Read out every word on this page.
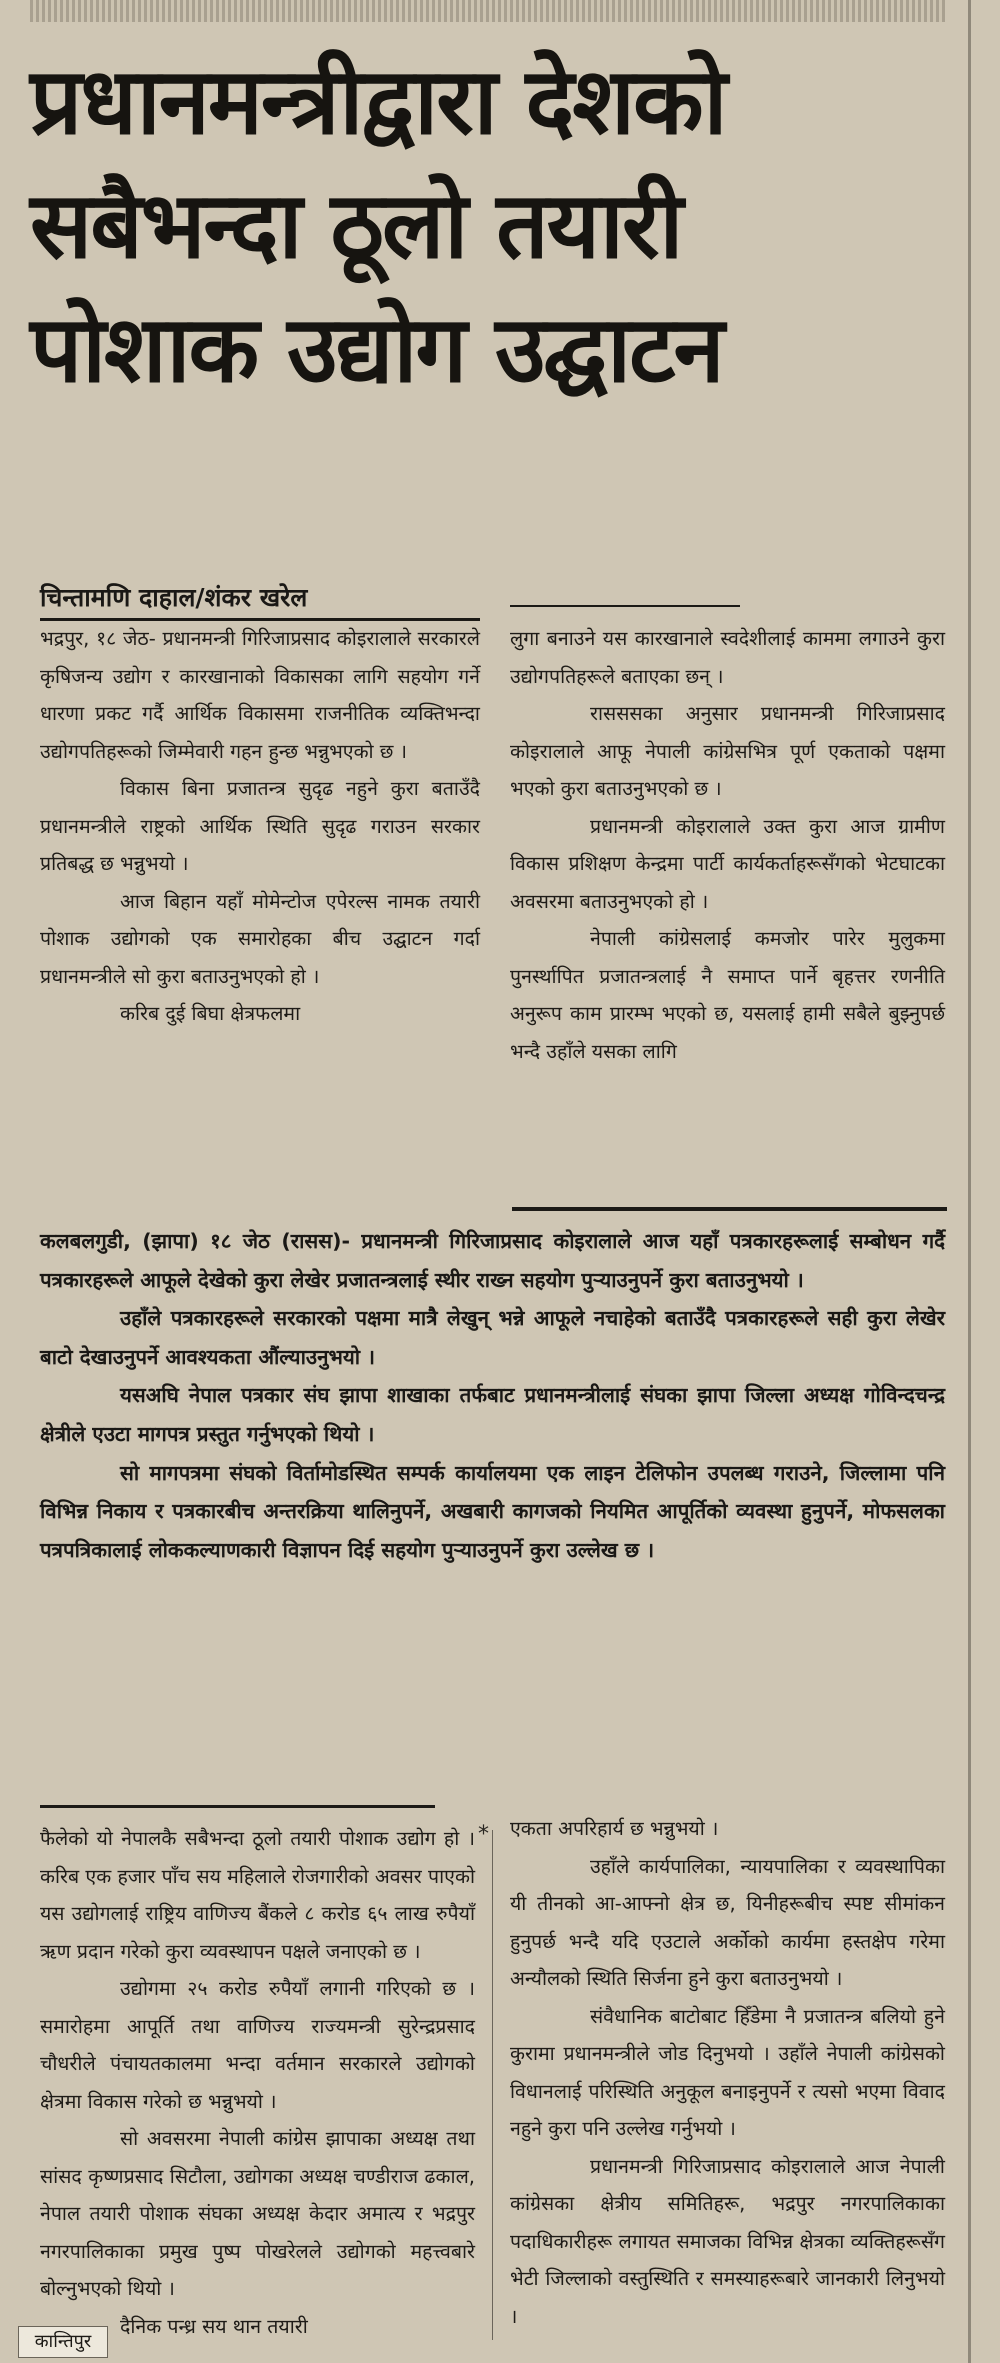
प्रधानमन्त्रीद्वारा देशको
सबैभन्दा ठूलो तयारी
पोशाक उद्योग उद्घाटन
चिन्तामणि दाहाल/शंकर खरेल

भद्रपुर, १८ जेठ- प्रधानमन्त्री गिरिजाप्रसाद कोइरालाले सरकारले कृषिजन्य उद्योग र कारखानाको विकासका लागि सहयोग गर्ने धारणा प्रकट गर्दै आर्थिक विकासमा राजनीतिक व्यक्तिभन्दा उद्योगपतिहरूको जिम्मेवारी गहन हुन्छ भन्नुभएको छ ।

विकास बिना प्रजातन्त्र सुदृढ नहुने कुरा बताउँदै प्रधानमन्त्रीले राष्ट्रको आर्थिक स्थिति सुदृढ गराउन सरकार प्रतिबद्ध छ भन्नुभयो ।

आज बिहान यहाँ मोमेन्टोज एपेरल्स नामक तयारी पोशाक उद्योगको एक समारोहका बीच उद्घाटन गर्दा प्रधानमन्त्रीले सो कुरा बताउनुभएको हो ।

करिब दुई बिघा क्षेत्रफलमा

लुगा बनाउने यस कारखानाले स्वदेशीलाई काममा लगाउने कुरा उद्योगपतिहरूले बताएका छन् ।

रासससका अनुसार प्रधानमन्त्री गिरिजाप्रसाद कोइरालाले आफू नेपाली कांग्रेसभित्र पूर्ण एकताको पक्षमा भएको कुरा बताउनुभएको छ ।

प्रधानमन्त्री कोइरालाले उक्त कुरा आज ग्रामीण विकास प्रशिक्षण केन्द्रमा पार्टी कार्यकर्ताहरूसँगको भेटघाटका अवसरमा बताउनुभएको हो ।

नेपाली कांग्रेसलाई कमजोर पारेर मुलुकमा पुनर्स्थापित प्रजातन्त्रलाई नै समाप्त पार्ने बृहत्तर रणनीति अनुरूप काम प्रारम्भ भएको छ, यसलाई हामी सबैले बुझ्नुपर्छ भन्दै उहाँले यसका लागि

कलबलगुडी, (झापा) १८ जेठ (रासस)- प्रधानमन्त्री गिरिजाप्रसाद कोइरालाले आज यहाँ पत्रकारहरूलाई सम्बोधन गर्दै पत्रकारहरूले आफूले देखेको कुरा लेखेर प्रजातन्त्रलाई स्थीर राख्न सहयोग पुऱ्याउनुपर्ने कुरा बताउनुभयो ।

उहाँले पत्रकारहरूले सरकारको पक्षमा मात्रै लेखुन् भन्ने आफूले नचाहेको बताउँदै पत्रकारहरूले सही कुरा लेखेर बाटो देखाउनुपर्ने आवश्यकता औंल्याउनुभयो ।

यसअघि नेपाल पत्रकार संघ झापा शाखाका तर्फबाट प्रधानमन्त्रीलाई संघका झापा जिल्ला अध्यक्ष गोविन्दचन्द्र क्षेत्रीले एउटा मागपत्र प्रस्तुत गर्नुभएको थियो ।

सो मागपत्रमा संघको विर्तामोडस्थित सम्पर्क कार्यालयमा एक लाइन टेलिफोन उपलब्ध गराउने, जिल्लामा पनि विभिन्न निकाय र पत्रकारबीच अन्तरक्रिया थालिनुपर्ने, अखबारी कागजको नियमित आपूर्तिको व्यवस्था हुनुपर्ने, मोफसलका पत्रपत्रिकालाई लोककल्याणकारी विज्ञापन दिई सहयोग पुऱ्याउनुपर्ने कुरा उल्लेख छ ।

⁎

फैलेको यो नेपालकै सबैभन्दा ठूलो तयारी पोशाक उद्योग हो । करिब एक हजार पाँच सय महिलाले रोजगारीको अवसर पाएको यस उद्योगलाई राष्ट्रिय वाणिज्य बैंकले ८ करोड ६५ लाख रुपैयाँ ऋण प्रदान गरेको कुरा व्यवस्थापन पक्षले जनाएको छ ।

उद्योगमा २५ करोड रुपैयाँ लगानी गरिएको छ । समारोहमा आपूर्ति तथा वाणिज्य राज्यमन्त्री सुरेन्द्रप्रसाद चौधरीले पंचायतकालमा भन्दा वर्तमान सरकारले उद्योगको क्षेत्रमा विकास गरेको छ भन्नुभयो ।

सो अवसरमा नेपाली कांग्रेस झापाका अध्यक्ष तथा सांसद कृष्णप्रसाद सिटौला, उद्योगका अध्यक्ष चण्डीराज ढकाल, नेपाल तयारी पोशाक संघका अध्यक्ष केदार अमात्य र भद्रपुर नगरपालिकाका प्रमुख पुष्प पोखरेलले उद्योगको महत्त्वबारे बोल्नुभएको थियो ।

दैनिक पन्ध्र सय थान तयारी

एकता अपरिहार्य छ भन्नुभयो ।

उहाँले कार्यपालिका, न्यायपालिका र व्यवस्थापिका यी तीनको आ-आफ्नो क्षेत्र छ, यिनीहरूबीच स्पष्ट सीमांकन हुनुपर्छ भन्दै यदि एउटाले अर्कोको कार्यमा हस्तक्षेप गरेमा अन्यौलको स्थिति सिर्जना हुने कुरा बताउनुभयो ।

संवैधानिक बाटोबाट हिँडेमा नै प्रजातन्त्र बलियो हुने कुरामा प्रधानमन्त्रीले जोड दिनुभयो । उहाँले नेपाली कांग्रेसको विधानलाई परिस्थिति अनुकूल बनाइनुपर्ने र त्यसो भएमा विवाद नहुने कुरा पनि उल्लेख गर्नुभयो ।

प्रधानमन्त्री गिरिजाप्रसाद कोइरालाले आज नेपाली कांग्रेसका क्षेत्रीय समितिहरू, भद्रपुर नगरपालिकाका पदाधिकारीहरू लगायत समाजका विभिन्न क्षेत्रका व्यक्तिहरूसँग भेटी जिल्लाको वस्तुस्थिति र समस्याहरूबारे जानकारी लिनुभयो ।

कान्तिपुर
